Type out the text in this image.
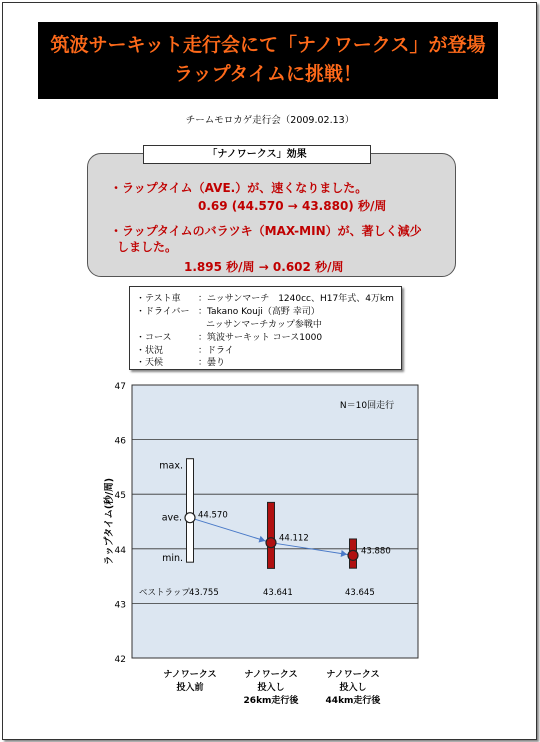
筑波サーキット走行会にて「ナノワークス」が登場
ラップタイムに挑戦！
チームモロカゲ走行会（2009.02.13）
「ナノワークス」効果
・ラップタイム（AVE.）が、速くなりました。
0.69 (44.570 → 43.880) 秒/周
・ラップタイムのバラツキ（MAX-MIN）が、著しく減少
しました。
1.895 秒/周 → 0.602 秒/周
・テスト車 ：ニッサンマーチ　1240cc、H17年式、4万km
・ドライバー ：Takano Kouji（高野 幸司）
ニッサンマーチカップ参戦中
・コース	：筑波サーキット コース1000
・状況	：ドライ
・天候	：曇り
42
43
44
45
46
47
ラップタイム(秒/周)
N＝10回走行
44.570
43.755
ナノワークス
投入前
44.112
43.641
ナノワークス
投入し
26km走行後
43.880
43.645
ナノワークス
投入し
44km走行後
ベストラップ
max.
ave.
min.
